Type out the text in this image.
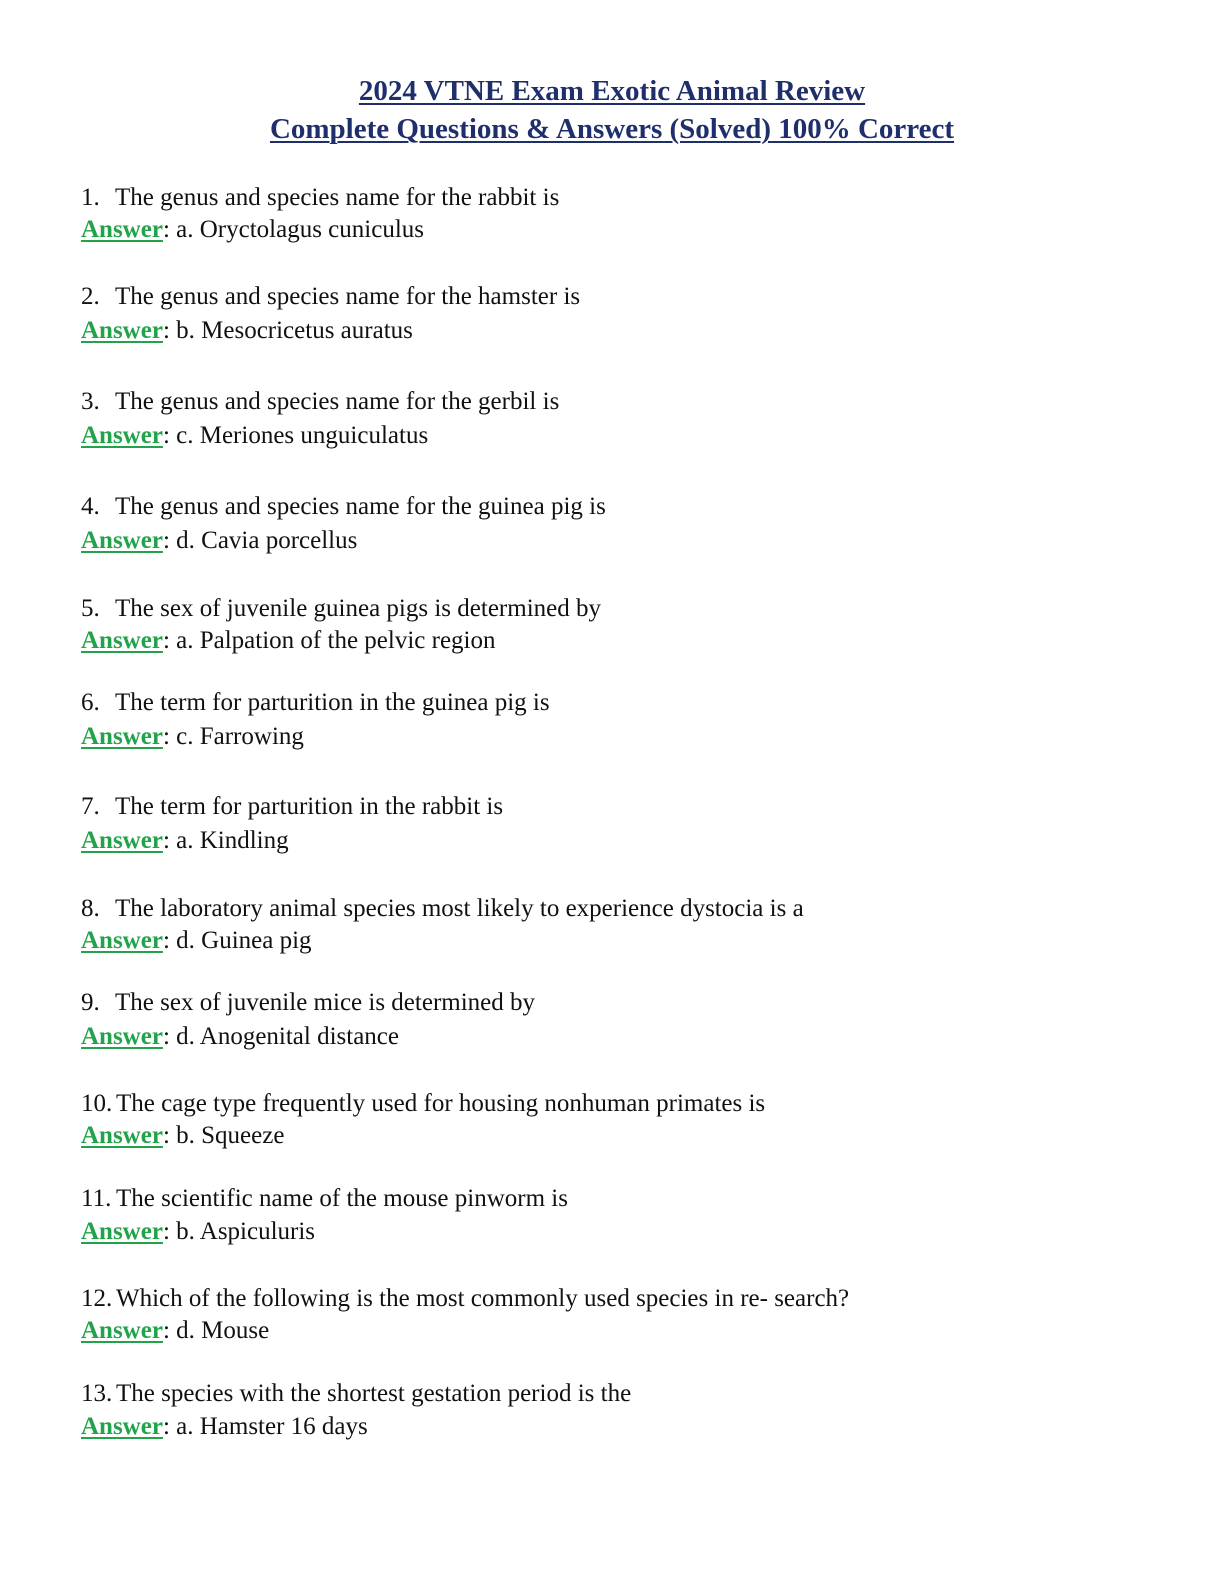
2024 VTNE Exam Exotic Animal Review
Complete Questions & Answers (Solved) 100% Correct
1. The genus and species name for the rabbit is
Answer: a. Oryctolagus cuniculus
2. The genus and species name for the hamster is
Answer: b. Mesocricetus auratus
3. The genus and species name for the gerbil is
Answer: c. Meriones unguiculatus
4. The genus and species name for the guinea pig is
Answer: d. Cavia porcellus
5. The sex of juvenile guinea pigs is determined by
Answer: a. Palpation of the pelvic region
6. The term for parturition in the guinea pig is
Answer: c. Farrowing
7. The term for parturition in the rabbit is
Answer: a. Kindling
8. The laboratory animal species most likely to experience dystocia is a
Answer: d. Guinea pig
9. The sex of juvenile mice is determined by
Answer: d. Anogenital distance
10. The cage type frequently used for housing nonhuman primates is
Answer: b. Squeeze
11. The scientific name of the mouse pinworm is
Answer: b. Aspiculuris
12. Which of the following is the most commonly used species in re- search?
Answer: d. Mouse
13. The species with the shortest gestation period is the
Answer: a. Hamster 16 days
